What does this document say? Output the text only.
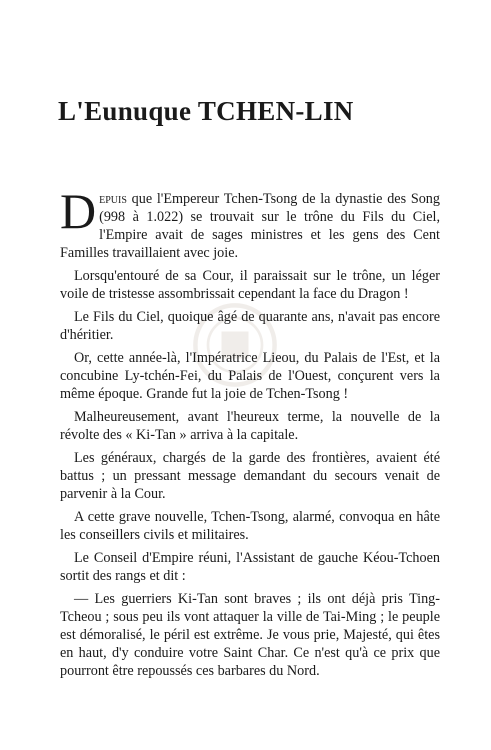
L'Eunuque TCHEN-LIN

Depuis que l'Empereur Tchen-Tsong de la dynastie des Song (998 à 1.022) se trouvait sur le trône du Fils du Ciel, l'Empire avait de sages ministres et les gens des Cent Familles travaillaient avec joie.

Lorsqu'entouré de sa Cour, il paraissait sur le trône, un léger voile de tristesse assombrissait cependant la face du Dragon !

Le Fils du Ciel, quoique âgé de quarante ans, n'avait pas encore d'héritier.

Or, cette année-là, l'Impératrice Lieou, du Palais de l'Est, et la concubine Ly-tchén-Fei, du Palais de l'Ouest, conçurent vers la même époque. Grande fut la joie de Tchen-Tsong !

Malheureusement, avant l'heureux terme, la nouvelle de la révolte des « Ki-Tan » arriva à la capitale.

Les généraux, chargés de la garde des frontières, avaient été battus ; un pressant message demandant du secours venait de parvenir à la Cour.

A cette grave nouvelle, Tchen-Tsong, alarmé, convoqua en hâte les conseillers civils et militaires.

Le Conseil d'Empire réuni, l'Assistant de gauche Kéou-Tchoen sortit des rangs et dit :

— Les guerriers Ki-Tan sont braves ; ils ont déjà pris Ting-Tcheou ; sous peu ils vont attaquer la ville de Tai-Ming ; le peuple est démoralisé, le péril est extrême. Je vous prie, Majesté, qui êtes en haut, d'y conduire votre Saint Char. Ce n'est qu'à ce prix que pourront être repoussés ces barbares du Nord.
